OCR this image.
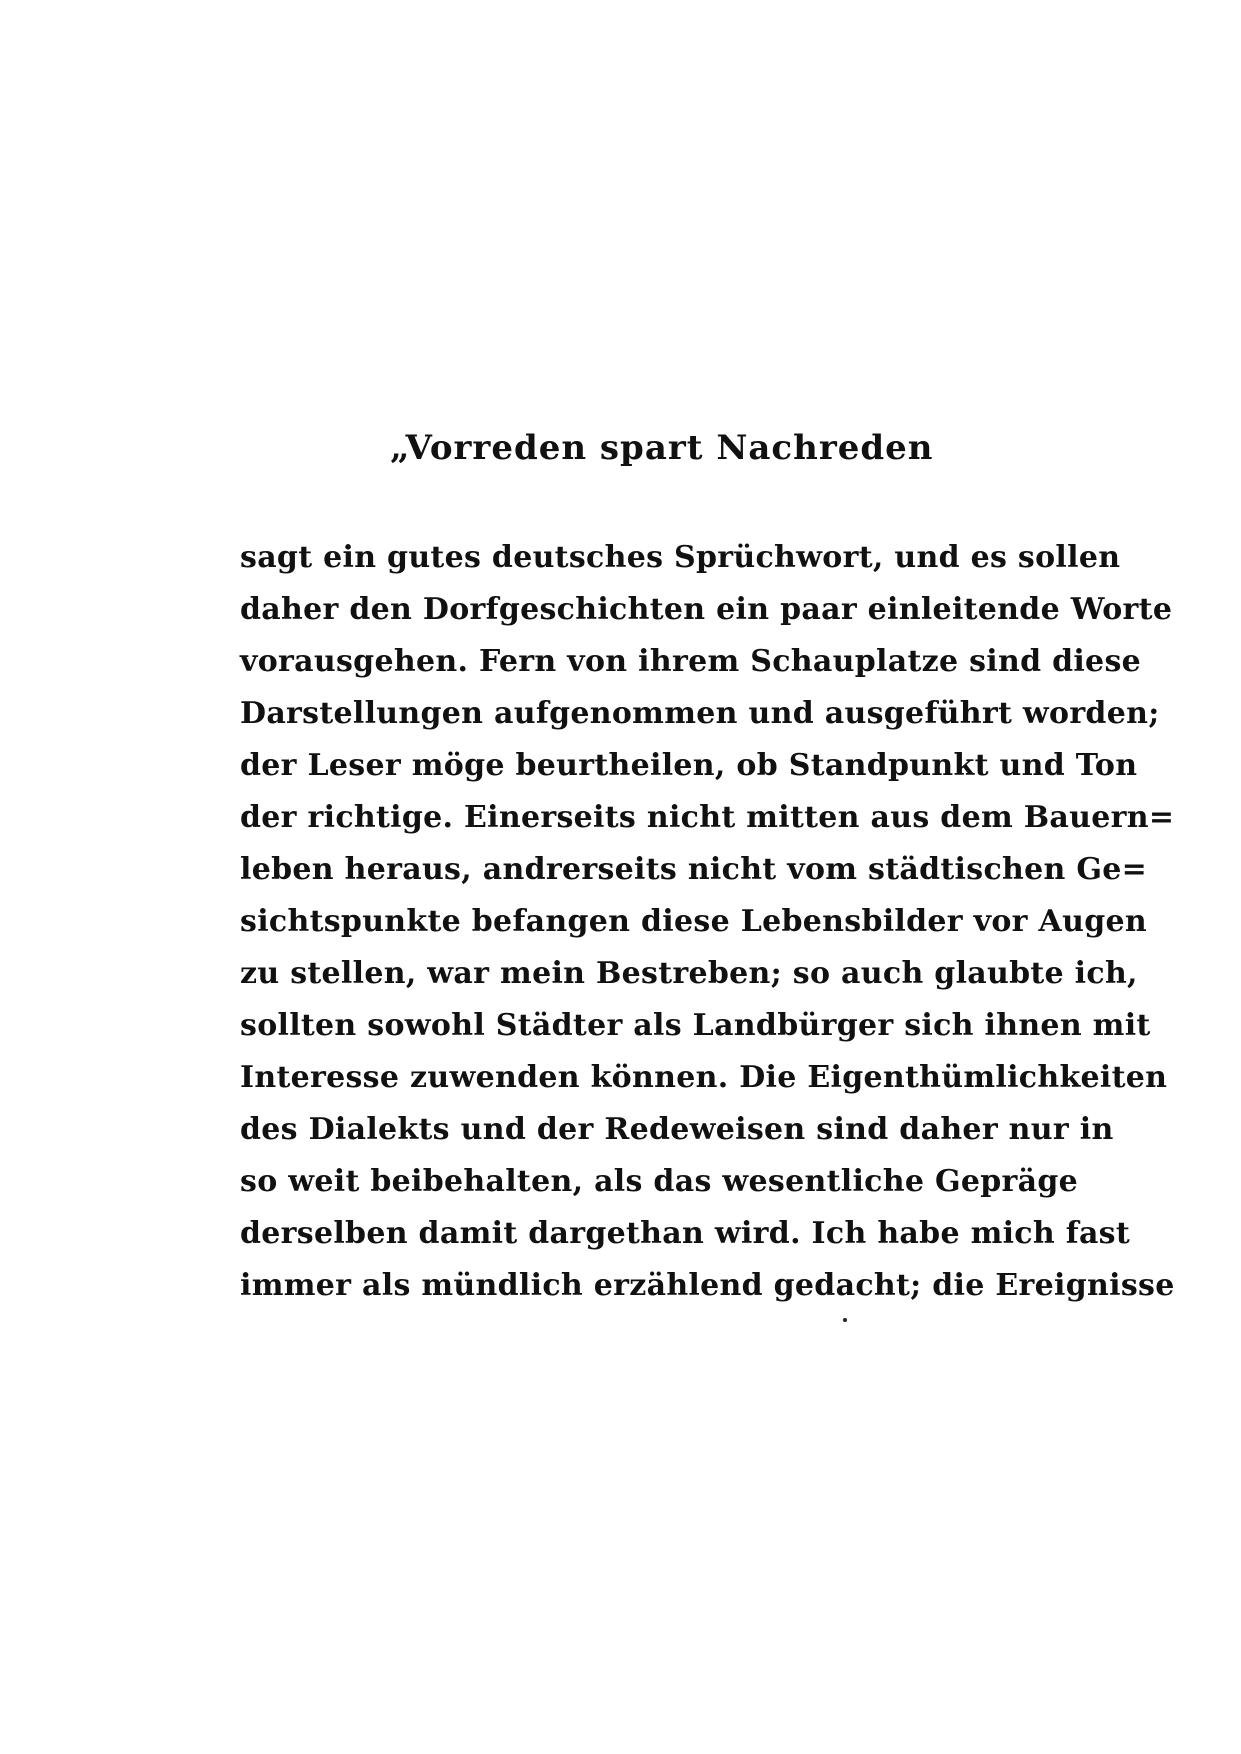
„Vorreden spart Nachreden
sagt ein gutes deutsches Sprüchwort, und es sollen
daher den Dorfgeschichten ein paar einleitende Worte
vorausgehen. Fern von ihrem Schauplatze sind diese
Darstellungen aufgenommen und ausgeführt worden;
der Leser möge beurtheilen, ob Standpunkt und Ton
der richtige. Einerseits nicht mitten aus dem Bauern=
leben heraus, andrerseits nicht vom städtischen Ge=
sichtspunkte befangen diese Lebensbilder vor Augen
zu stellen, war mein Bestreben; so auch glaubte ich,
sollten sowohl Städter als Landbürger sich ihnen mit
Interesse zuwenden können. Die Eigenthümlichkeiten
des Dialekts und der Redeweisen sind daher nur in
so weit beibehalten, als das wesentliche Gepräge
derselben damit dargethan wird. Ich habe mich fast
immer als mündlich erzählend gedacht; die Ereignisse
